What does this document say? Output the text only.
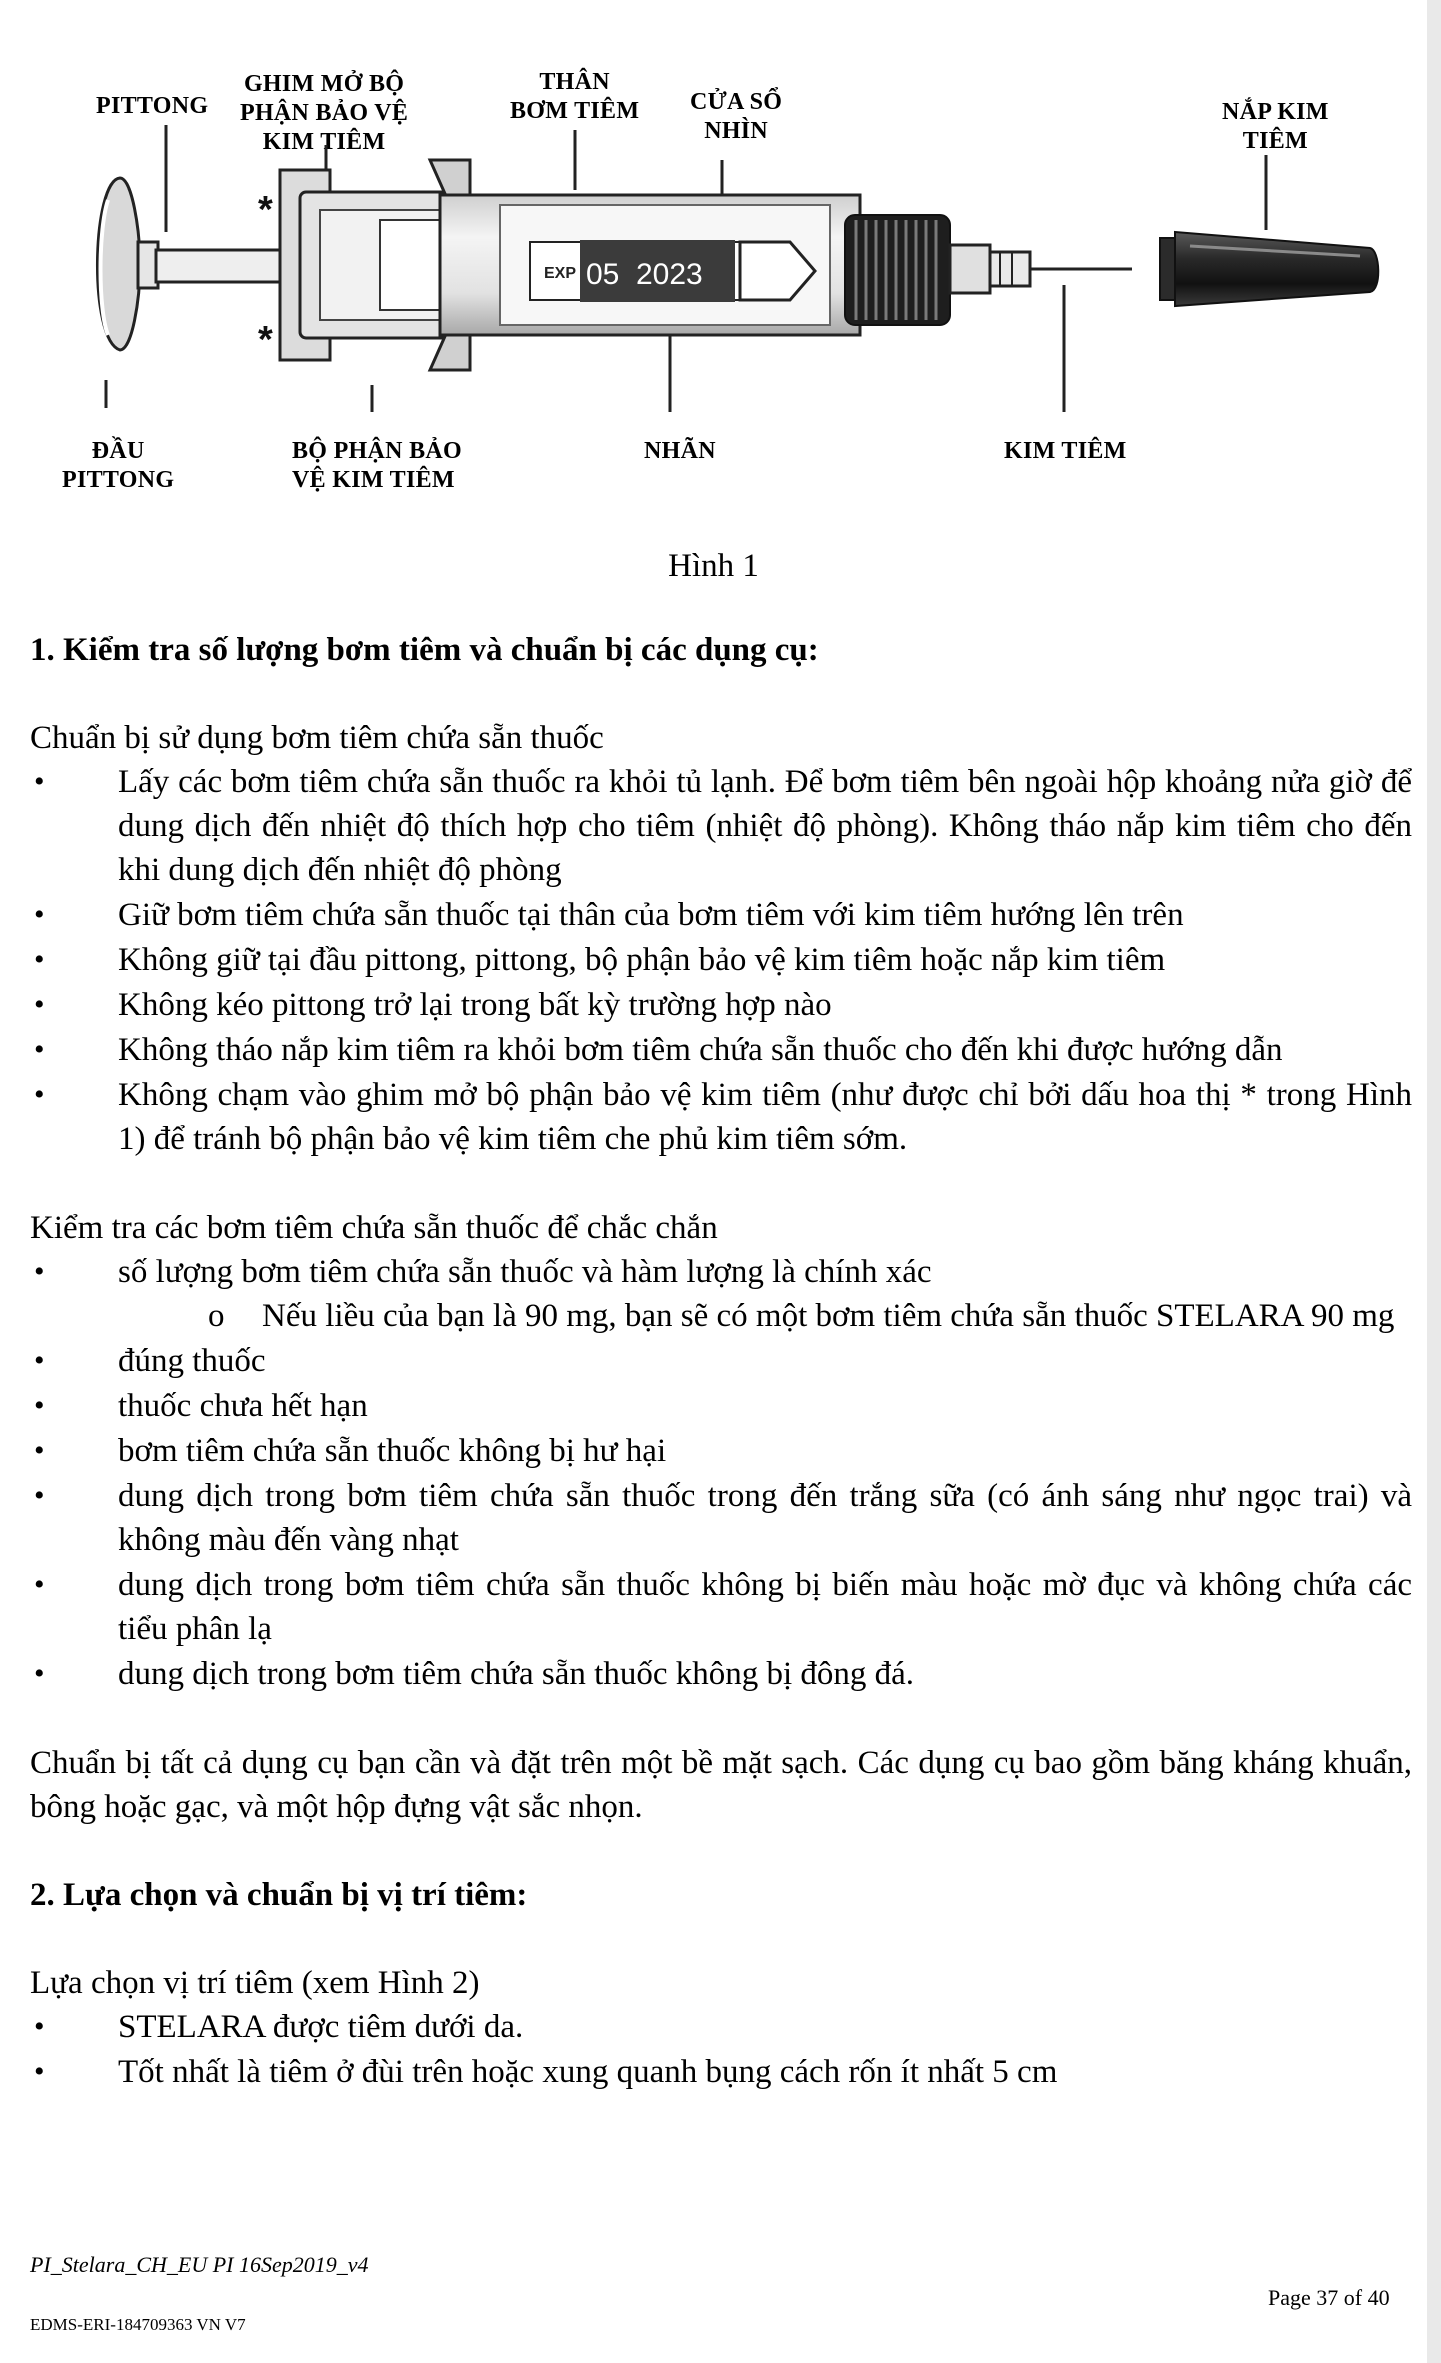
PITTONG
GHIM MỞ BỘ
PHẬN BẢO VỆ
KIM TIÊM
THÂN
BƠM TIÊM CỬA SỔ
NHÌN
NẮP KIM
TIÊM
ĐẦU
PITTONG
BỘ PHẬN BẢO
VỆ KIM TIÊM
NHÃN	KIM TIÊM
EXP 05 2023
*
*
Hình 1
1. Kiểm tra số lượng bơm tiêm và chuẩn bị các dụng cụ:

Chuẩn bị sử dụng bơm tiêm chứa sẵn thuốc

• Lấy các bơm tiêm chứa sẵn thuốc ra khỏi tủ lạnh. Để bơm tiêm bên ngoài hộp khoảng nửa giờ để dung dịch đến nhiệt độ thích hợp cho tiêm (nhiệt độ phòng). Không tháo nắp kim tiêm cho đến khi dung dịch đến nhiệt độ phòng
• Giữ bơm tiêm chứa sẵn thuốc tại thân của bơm tiêm với kim tiêm hướng lên trên
• Không giữ tại đầu pittong, pittong, bộ phận bảo vệ kim tiêm hoặc nắp kim tiêm
• Không kéo pittong trở lại trong bất kỳ trường hợp nào
• Không tháo nắp kim tiêm ra khỏi bơm tiêm chứa sẵn thuốc cho đến khi được hướng dẫn
• Không chạm vào ghim mở bộ phận bảo vệ kim tiêm (như được chỉ bởi dấu hoa thị * trong Hình 1) để tránh bộ phận bảo vệ kim tiêm che phủ kim tiêm sớm.

Kiểm tra các bơm tiêm chứa sẵn thuốc để chắc chắn

• số lượng bơm tiêm chứa sẵn thuốc và hàm lượng là chính xác
o Nếu liều của bạn là 90 mg, bạn sẽ có một bơm tiêm chứa sẵn thuốc STELARA 90 mg
• đúng thuốc
• thuốc chưa hết hạn
• bơm tiêm chứa sẵn thuốc không bị hư hại
• dung dịch trong bơm tiêm chứa sẵn thuốc trong đến trắng sữa (có ánh sáng như ngọc trai) và không màu đến vàng nhạt
• dung dịch trong bơm tiêm chứa sẵn thuốc không bị biến màu hoặc mờ đục và không chứa các tiểu phân lạ
• dung dịch trong bơm tiêm chứa sẵn thuốc không bị đông đá.

Chuẩn bị tất cả dụng cụ bạn cần và đặt trên một bề mặt sạch. Các dụng cụ bao gồm băng kháng khuẩn, bông hoặc gạc, và một hộp đựng vật sắc nhọn.

2. Lựa chọn và chuẩn bị vị trí tiêm:

Lựa chọn vị trí tiêm (xem Hình 2)

• STELARA được tiêm dưới da.
• Tốt nhất là tiêm ở đùi trên hoặc xung quanh bụng cách rốn ít nhất 5 cm
PI_Stelara_CH_EU PI 16Sep2019_v4
EDMS-ERI-184709363 VN V7
Page 37 of 40
